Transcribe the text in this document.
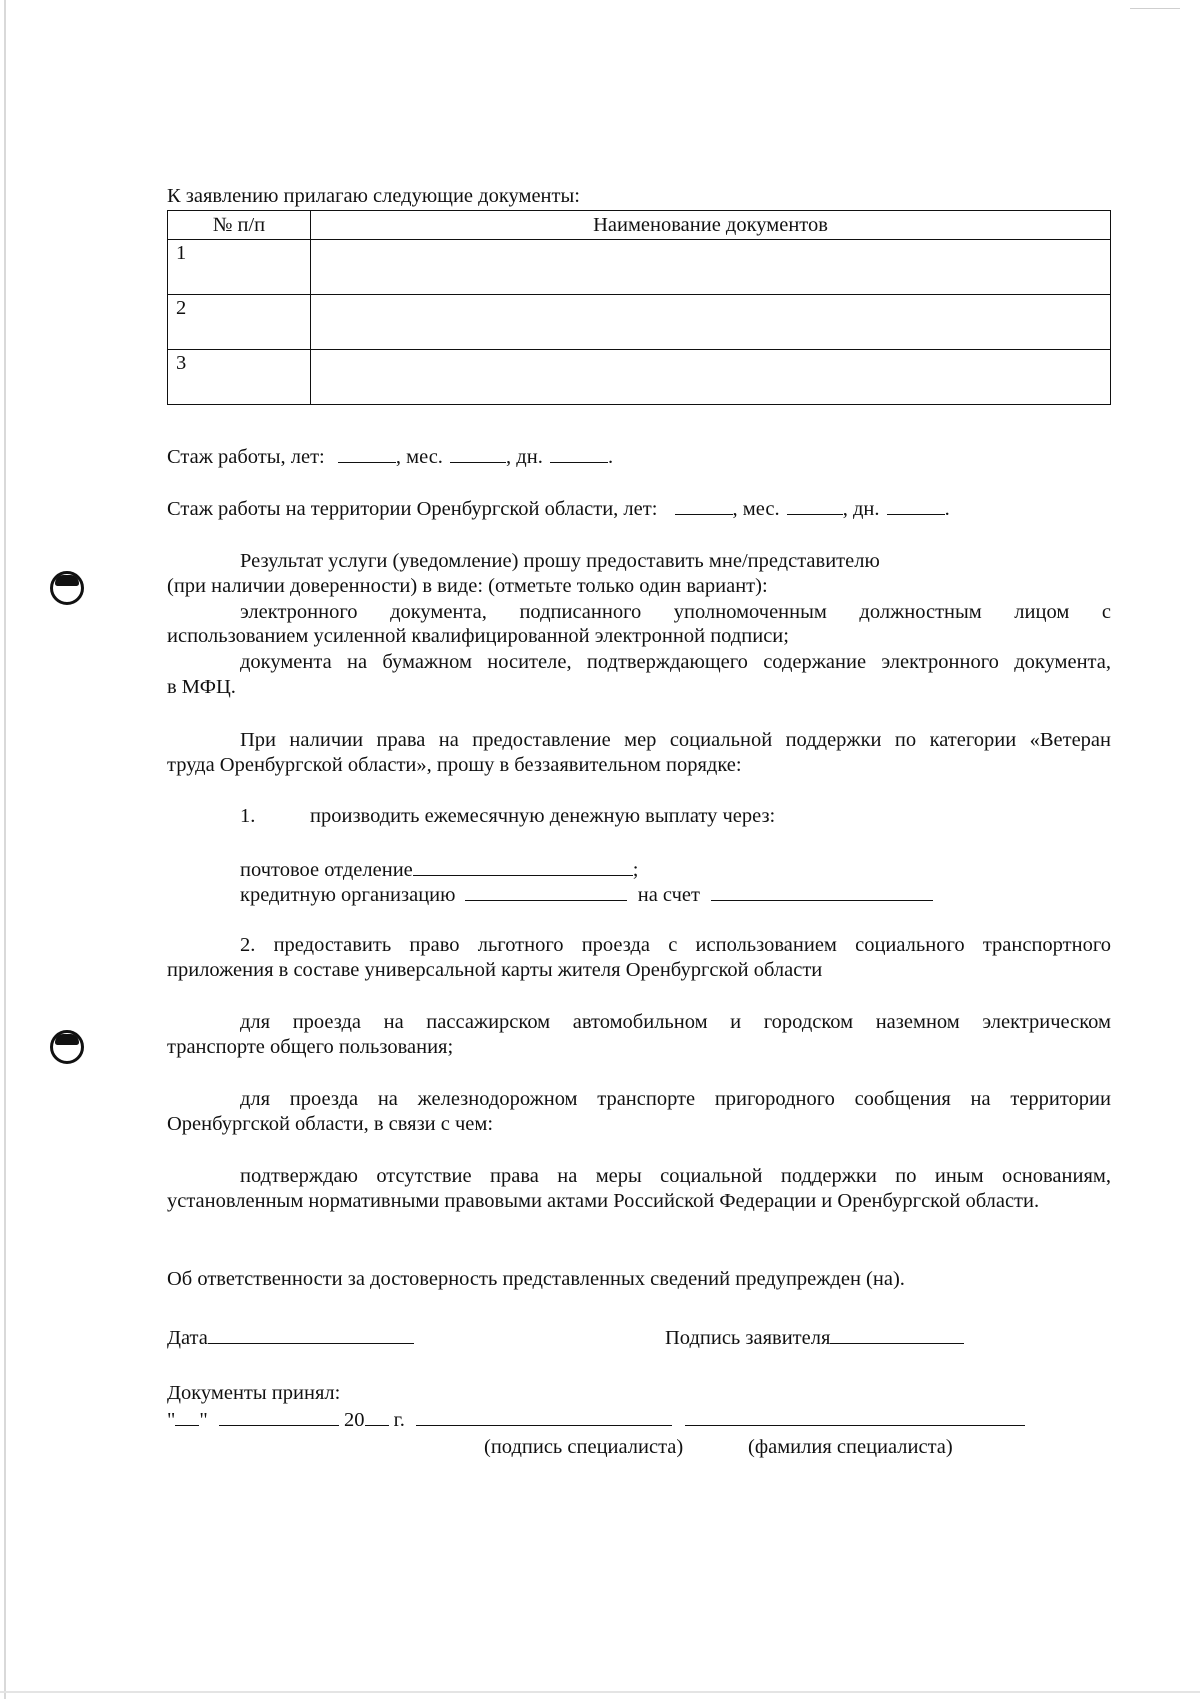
К заявлению прилагаю следующие документы:
№ п/п	Наименование документов
1	
2	
3	
Стаж работы, лет:	, мес.	, дн.	.
Стаж работы на территории Оренбургской области, лет:	, мес.	, дн.	.
Результат услуги (уведомление) прошу предоставить мне/представителю
(при наличии доверенности) в виде: (отметьте только один вариант):
электронного документа, подписанного уполномоченным должностным лицом с
использованием усиленной квалифицированной электронной подписи;
документа на бумажном носителе, подтверждающего содержание электронного документа,
в МФЦ.
При наличии права на предоставление мер социальной поддержки по категории «Ветеран
труда Оренбургской области», прошу в беззаявительном порядке:
1.	производить ежемесячную денежную выплату через:
почтовое отделение	;
кредитную организацию	на счет
2. предоставить право льготного проезда с использованием социального транспортного
приложения в составе универсальной карты жителя Оренбургской области
для проезда на пассажирском автомобильном и городском наземном электрическом
транспорте общего пользования;
для проезда на железнодорожном транспорте пригородного сообщения на территории
Оренбургской области, в связи с чем:
подтверждаю отсутствие права на меры социальной поддержки по иным основаниям,
установленным нормативными правовыми актами Российской Федерации и Оренбургской области.
Об ответственности за достоверность представленных сведений предупрежден (на).
Дата	Подпись заявителя
Документы принял:
" "	20 г.
(подпись специалиста)	(фамилия специалиста)
